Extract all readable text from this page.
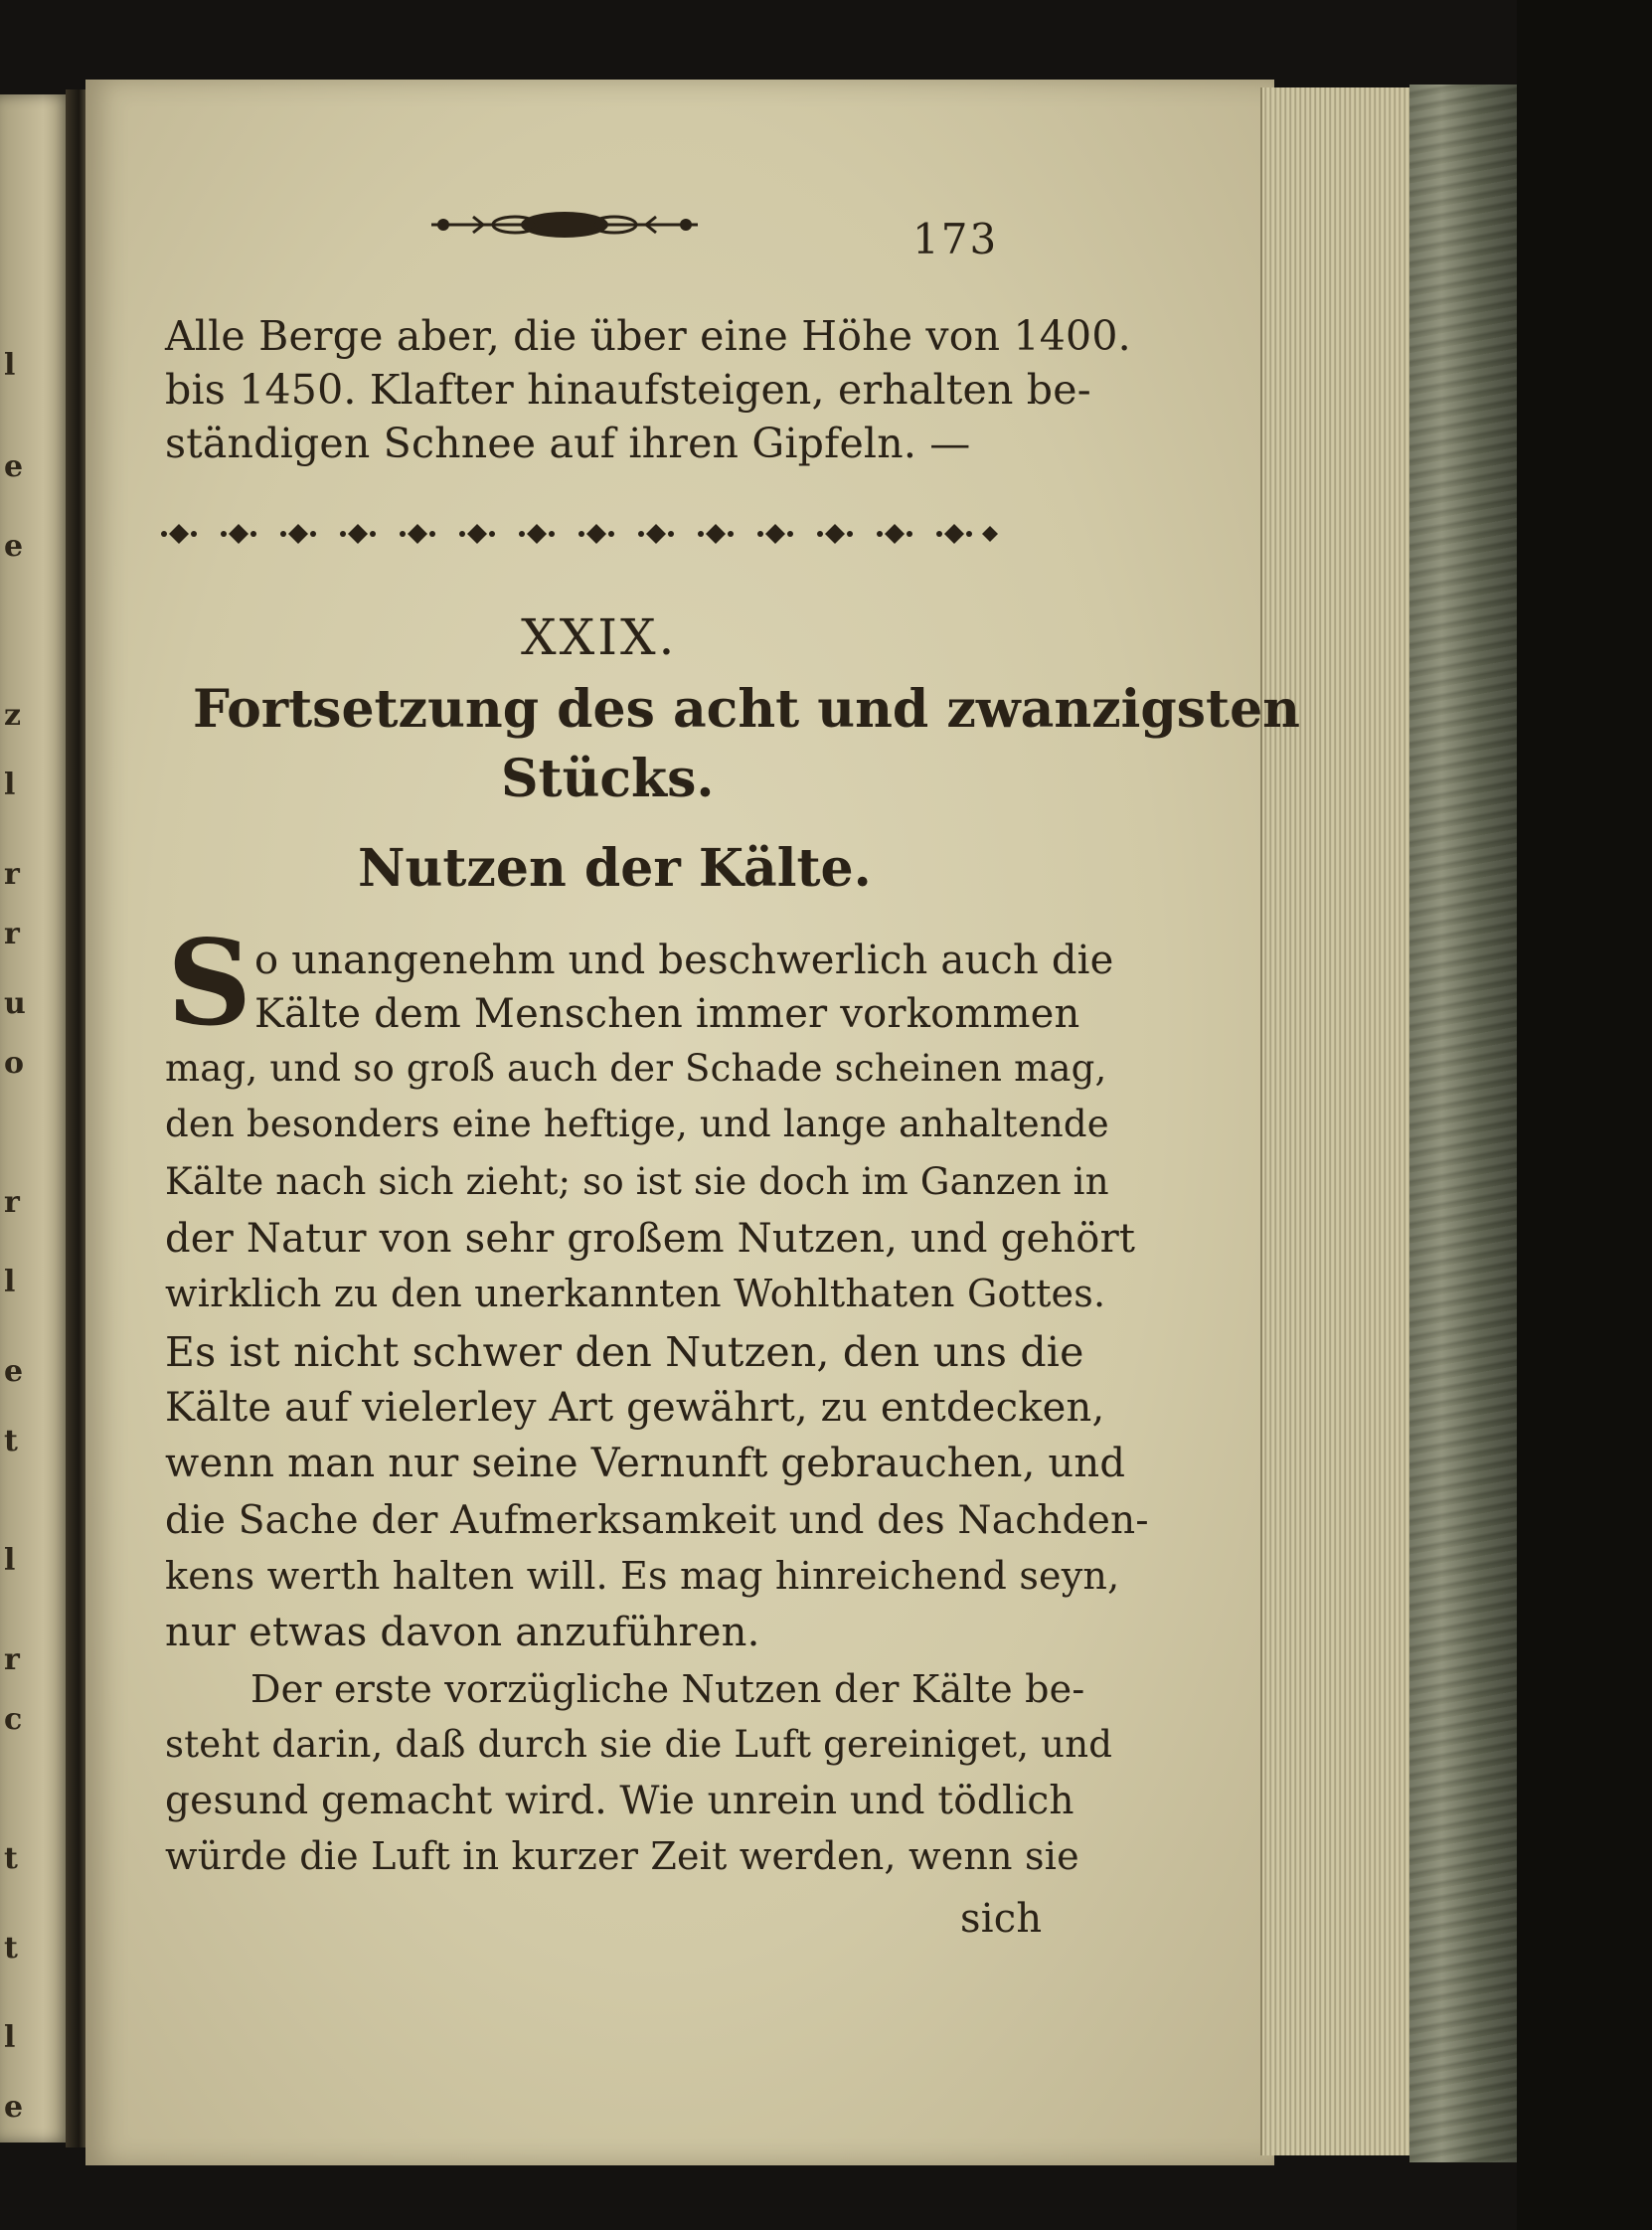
l
e
e
z
l
r
r
u
o
r
l
e
t
l
r
c
t
t
l
e
173
Alle Berge aber, die über eine Höhe von 1400.
bis 1450. Klafter hinaufsteigen, erhalten be-
ständigen Schnee auf ihren Gipfeln. —
XXIX.
Fortsetzung des acht und zwanzigsten
Stücks.
Nutzen der Kälte.
S o unangenehm und beschwerlich auch die
Kälte dem Menschen immer vorkommen
mag, und so groß auch der Schade scheinen mag,
den besonders eine heftige, und lange anhaltende
Kälte nach sich zieht; so ist sie doch im Ganzen in
der Natur von sehr großem Nutzen, und gehört
wirklich zu den unerkannten Wohlthaten Gottes.
Es ist nicht schwer den Nutzen, den uns die
Kälte auf vielerley Art gewährt, zu entdecken,
wenn man nur seine Vernunft gebrauchen, und
die Sache der Aufmerksamkeit und des Nachden-
kens werth halten will. Es mag hinreichend seyn,
nur etwas davon anzuführen.
Der erste vorzügliche Nutzen der Kälte be-
steht darin, daß durch sie die Luft gereiniget, und
gesund gemacht wird. Wie unrein und tödlich
würde die Luft in kurzer Zeit werden, wenn sie
sich
